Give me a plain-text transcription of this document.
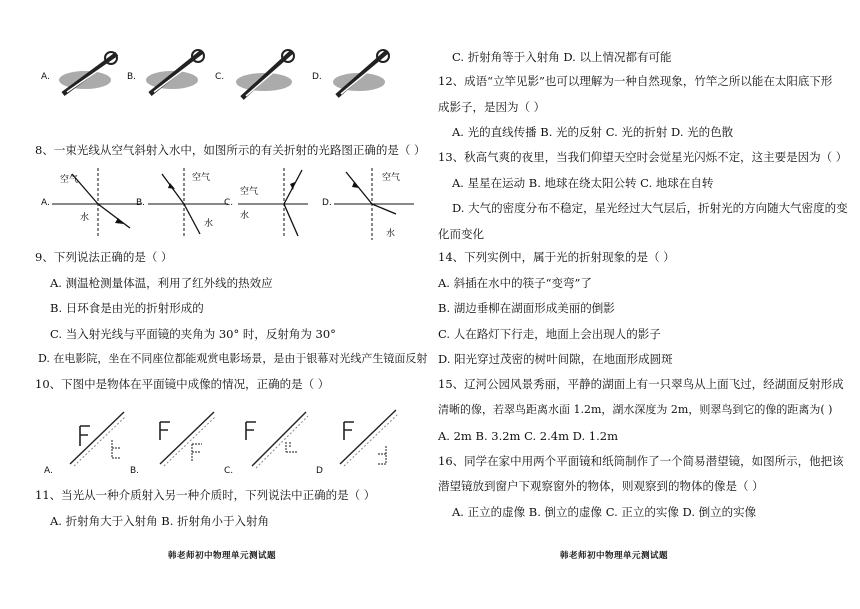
A.	B.	C.	D.
8、一束光线从空气斜射入水中，如图所示的有关折射的光路图正确的是（ ）
A.
空气
水
B.
空气
水
C.
空气
水
D.
空气
水
9、下列说法正确的是（ ）
A. 测温枪测量体温，利用了红外线的热效应
B. 日环食是由光的折射形成的
C. 当入射光线与平面镜的夹角为 30° 时，反射角为 30°
D. 在电影院，坐在不同座位都能观赏电影场景，是由于银幕对光线产生镜面反射
10、下图中是物体在平面镜中成像的情况，正确的是（ ）
A.	B.	C.	D
11、当光从一种介质射入另一种介质时，下列说法中正确的是（ ）
A. 折射角大于入射角 B. 折射角小于入射角
韩老师初中物理单元测试题
C. 折射角等于入射角 D. 以上情况都有可能
12、成语“立竿见影”也可以理解为一种自然现象，竹竿之所以能在太阳底下形
成影子，是因为（ ）
A. 光的直线传播 B. 光的反射 C. 光的折射 D. 光的色散
13、秋高气爽的夜里，当我们仰望天空时会觉星光闪烁不定，这主要是因为（ ）
A. 星星在运动 B. 地球在绕太阳公转 C. 地球在自转
D. 大气的密度分布不稳定，星光经过大气层后，折射光的方向随大气密度的变
化而变化
14、下列实例中，属于光的折射现象的是（ ）
A. 斜插在水中的筷子“变弯”了
B. 湖边垂柳在湖面形成美丽的倒影
C. 人在路灯下行走，地面上会出现人的影子
D. 阳光穿过茂密的树叶间隙，在地面形成圆斑
15、辽河公园风景秀丽，平静的湖面上有一只翠鸟从上面飞过，经湖面反射形成
清晰的像，若翠鸟距离水面 1.2m，湖水深度为 2m，则翠鸟到它的像的距离为( )
A. 2m B. 3.2m C. 2.4m D. 1.2m
16、同学在家中用两个平面镜和纸筒制作了一个简易潜望镜，如图所示，他把该
潜望镜放到窗户下观察窗外的物体，则观察到的物体的像是（ ）
A. 正立的虚像 B. 倒立的虚像 C. 正立的实像 D. 倒立的实像
韩老师初中物理单元测试题
